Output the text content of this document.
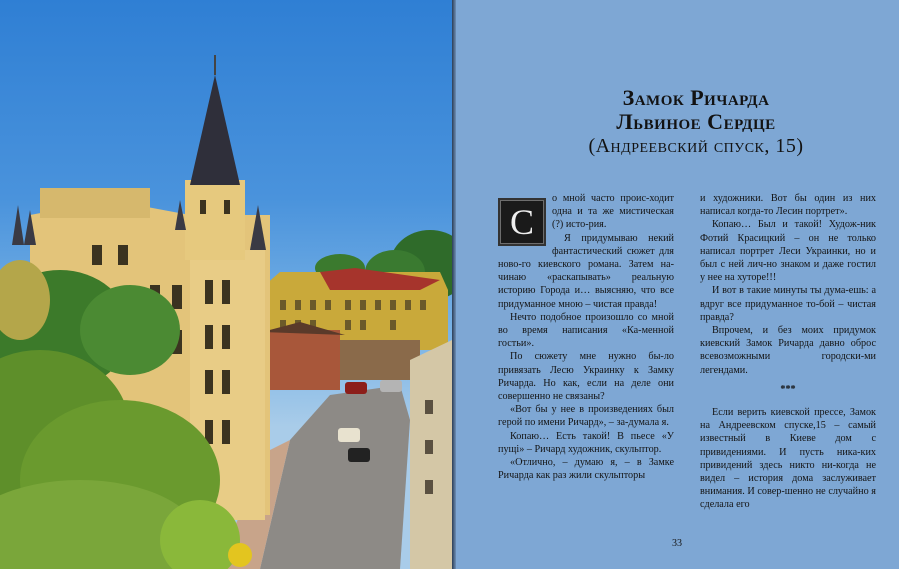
Замок Ричарда
Львиное Сердце
(Андреевский спуск, 15)
С

о мной часто проис-ходит одна и та же мистическая (?) исто-рия.

Я придумываю некий фантастический сюжет для ново-го киевского романа. Затем на-чинаю «раскапывать» реальную историю Города и… выясняю, что все придуманное мною – чистая правда!

Нечто подобное произошло со мной во время написания «Ка-менной гостьи».

По сюжету мне нужно бы-ло привязать Лесю Украинку к Замку Ричарда. Но как, если на деле они совершенно не связаны?

«Вот бы у нее в произведениях был герой по имени Ричард», – за-думала я.

Копаю… Есть такой! В пьесе «У пущі» – Ричард художник, скульптор.

«Отлично, – думаю я, – в Замке Ричарда как раз жили скульпторы

и художники. Вот бы один из них написал когда-то Лесин портрет».

Копаю… Был и такой! Худож-ник Фотий Красицкий – он не только написал портрет Леси Украинки, но и был с ней лич-но знаком и даже гостил у нее на хуторе!!!

И вот в такие минуты ты дума-ешь: а вдруг все придуманное то-бой – чистая правда?

Впрочем, и без моих придумок киевский Замок Ричарда давно оброс всевозможными городски-ми легендами.

***

Если верить киевской прессе, Замок на Андреевском спуске,15 – самый известный в Киеве дом с привидениями. И пусть ника-ких привидений здесь никто ни-когда не видел – история дома заслуживает внимания. И совер-шенно не случайно я сделала его

33
